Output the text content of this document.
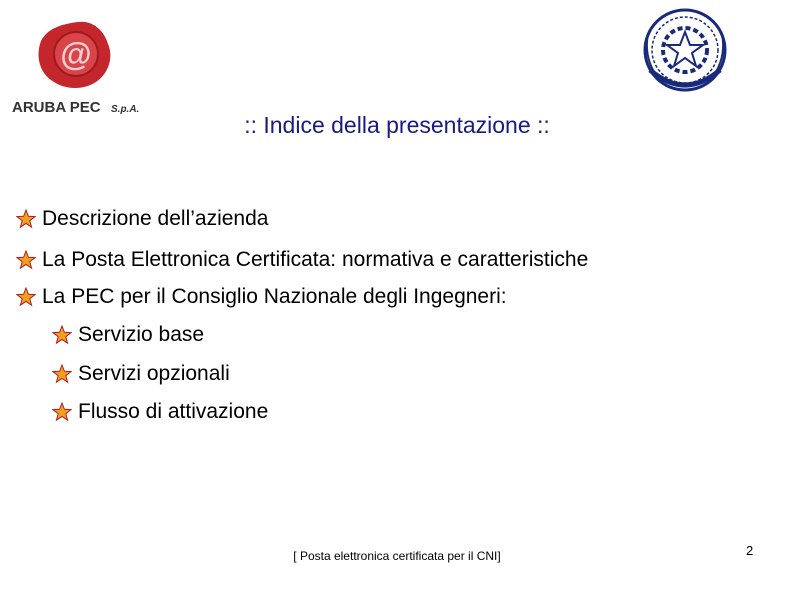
@
ARUBA PEC S.p.A.
:: Indice della presentazione ::
Descrizione dell’azienda
La Posta Elettronica Certificata: normativa e caratteristiche
La PEC per il Consiglio Nazionale degli Ingegneri:
Servizio base
Servizi opzionali
Flusso di attivazione
[ Posta elettronica certificata per il CNI]	2
